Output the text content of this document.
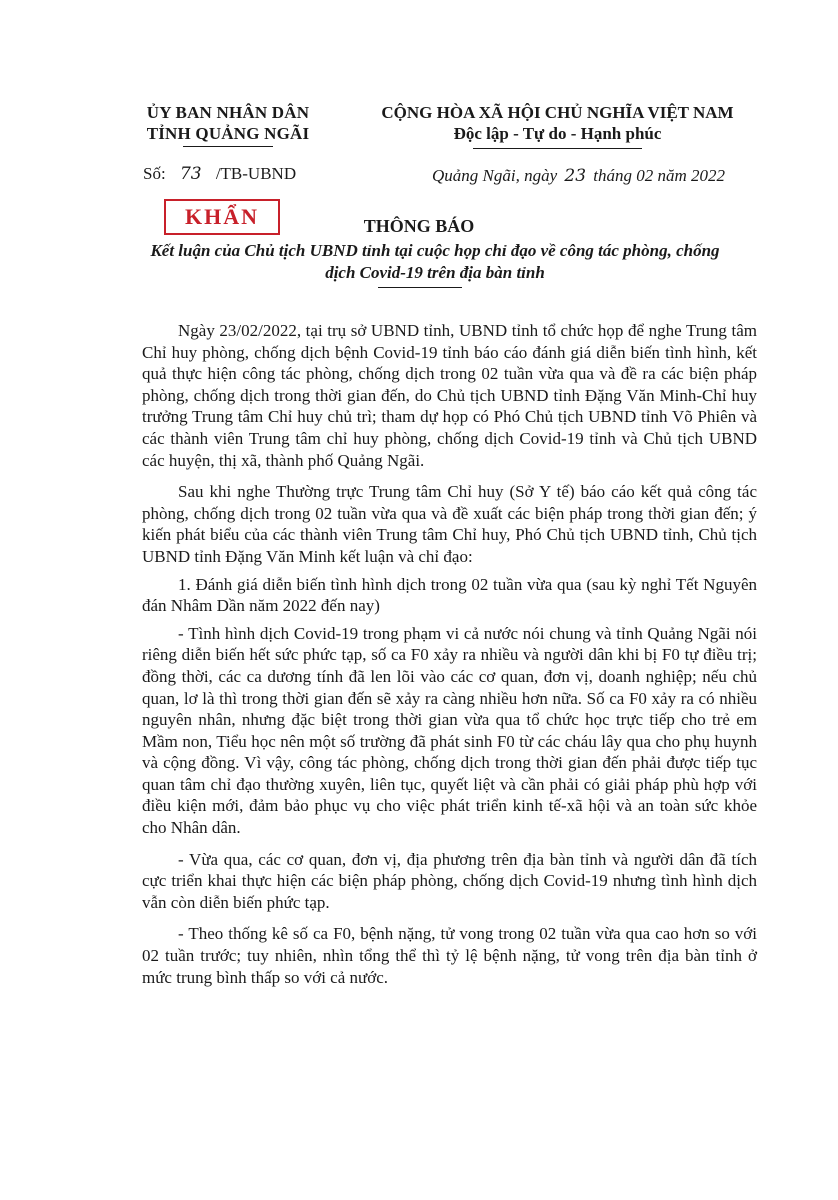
ỦY BAN NHÂN DÂN
TỈNH QUẢNG NGÃI
CỘNG HÒA XÃ HỘI CHỦ NGHĨA VIỆT NAM
Độc lập - Tự do - Hạnh phúc
Số: 73 /TB-UBND	Quảng Ngãi, ngày 23 tháng 02 năm 2022
KHẨN	THÔNG BÁO
Kết luận của Chủ tịch UBND tỉnh tại cuộc họp chỉ đạo về công tác phòng, chống dịch Covid-19 trên địa bàn tỉnh

Ngày 23/02/2022, tại trụ sở UBND tỉnh, UBND tỉnh tổ chức họp để nghe Trung tâm Chỉ huy phòng, chống dịch bệnh Covid-19 tỉnh báo cáo đánh giá diễn biến tình hình, kết quả thực hiện công tác phòng, chống dịch trong 02 tuần vừa qua và đề ra các biện pháp phòng, chống dịch trong thời gian đến, do Chủ tịch UBND tỉnh Đặng Văn Minh-Chỉ huy trưởng Trung tâm Chỉ huy chủ trì; tham dự họp có Phó Chủ tịch UBND tỉnh Võ Phiên và các thành viên Trung tâm chỉ huy phòng, chống dịch Covid-19 tỉnh và Chủ tịch UBND các huyện, thị xã, thành phố Quảng Ngãi.

Sau khi nghe Thường trực Trung tâm Chỉ huy (Sở Y tế) báo cáo kết quả công tác phòng, chống dịch trong 02 tuần vừa qua và đề xuất các biện pháp trong thời gian đến; ý kiến phát biểu của các thành viên Trung tâm Chỉ huy, Phó Chủ tịch UBND tỉnh, Chủ tịch UBND tỉnh Đặng Văn Minh kết luận và chỉ đạo:

1. Đánh giá diễn biến tình hình dịch trong 02 tuần vừa qua (sau kỳ nghỉ Tết Nguyên đán Nhâm Dần năm 2022 đến nay)

- Tình hình dịch Covid-19 trong phạm vi cả nước nói chung và tỉnh Quảng Ngãi nói riêng diễn biến hết sức phức tạp, số ca F0 xảy ra nhiều và người dân khi bị F0 tự điều trị; đồng thời, các ca dương tính đã len lõi vào các cơ quan, đơn vị, doanh nghiệp; nếu chủ quan, lơ là thì trong thời gian đến sẽ xảy ra càng nhiều hơn nữa. Số ca F0 xảy ra có nhiều nguyên nhân, nhưng đặc biệt trong thời gian vừa qua tổ chức học trực tiếp cho trẻ em Mầm non, Tiểu học nên một số trường đã phát sinh F0 từ các cháu lây qua cho phụ huynh và cộng đồng. Vì vậy, công tác phòng, chống dịch trong thời gian đến phải được tiếp tục quan tâm chỉ đạo thường xuyên, liên tục, quyết liệt và cần phải có giải pháp phù hợp với điều kiện mới, đảm bảo phục vụ cho việc phát triển kinh tế-xã hội và an toàn sức khỏe cho Nhân dân.

- Vừa qua, các cơ quan, đơn vị, địa phương trên địa bàn tỉnh và người dân đã tích cực triển khai thực hiện các biện pháp phòng, chống dịch Covid-19 nhưng tình hình dịch vẫn còn diễn biến phức tạp.

- Theo thống kê số ca F0, bệnh nặng, tử vong trong 02 tuần vừa qua cao hơn so với 02 tuần trước; tuy nhiên, nhìn tổng thể thì tỷ lệ bệnh nặng, tử vong trên địa bàn tỉnh ở mức trung bình thấp so với cả nước.
